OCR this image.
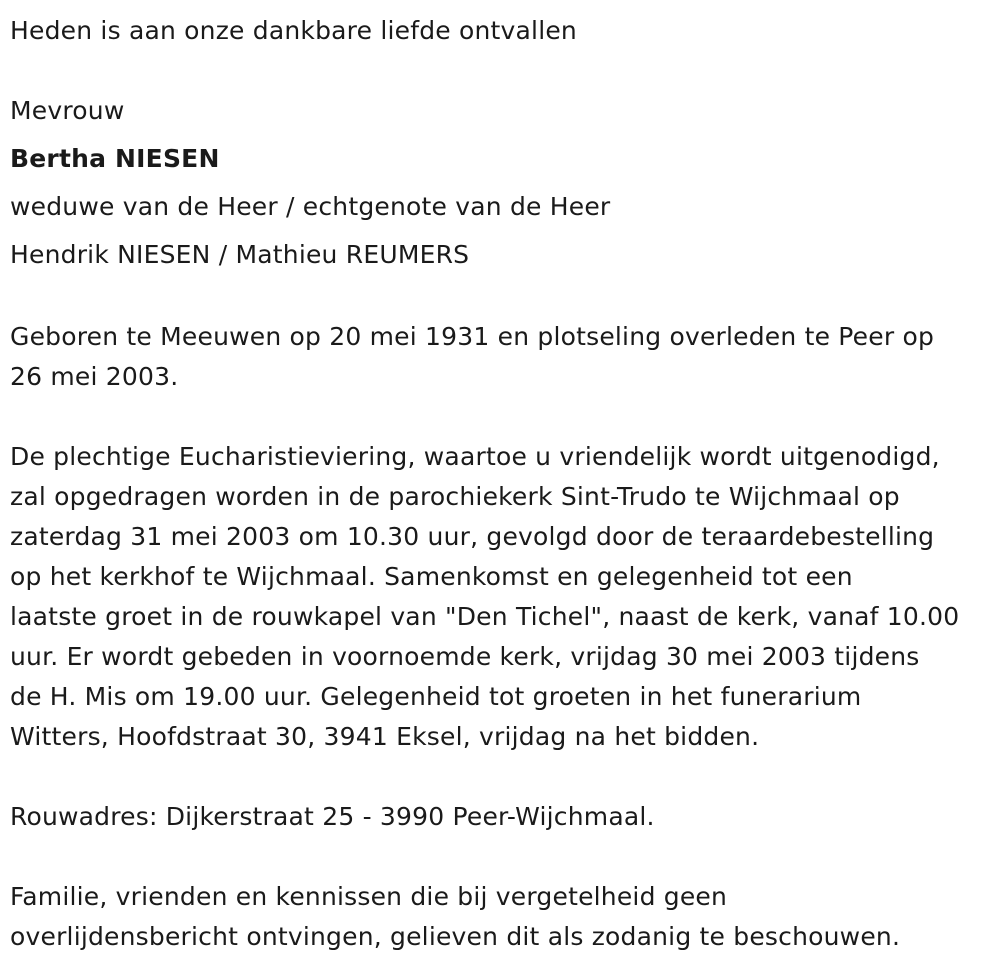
Heden is aan onze dankbare liefde ontvallen
Mevrouw
Bertha NIESEN
weduwe van de Heer / echtgenote van de Heer
Hendrik NIESEN / Mathieu REUMERS
Geboren te Meeuwen op 20 mei 1931 en plotseling overleden te Peer op
26 mei 2003.
De plechtige Eucharistieviering, waartoe u vriendelijk wordt uitgenodigd,
zal opgedragen worden in de parochiekerk Sint-Trudo te Wijchmaal op
zaterdag 31 mei 2003 om 10.30 uur, gevolgd door de teraardebestelling
op het kerkhof te Wijchmaal. Samenkomst en gelegenheid tot een
laatste groet in de rouwkapel van "Den Tichel", naast de kerk, vanaf 10.00
uur. Er wordt gebeden in voornoemde kerk, vrijdag 30 mei 2003 tijdens
de H. Mis om 19.00 uur. Gelegenheid tot groeten in het funerarium
Witters, Hoofdstraat 30, 3941 Eksel, vrijdag na het bidden.
Rouwadres: Dijkerstraat 25 - 3990 Peer-Wijchmaal.
Familie, vrienden en kennissen die bij vergetelheid geen
overlijdensbericht ontvingen, gelieven dit als zodanig te beschouwen.
